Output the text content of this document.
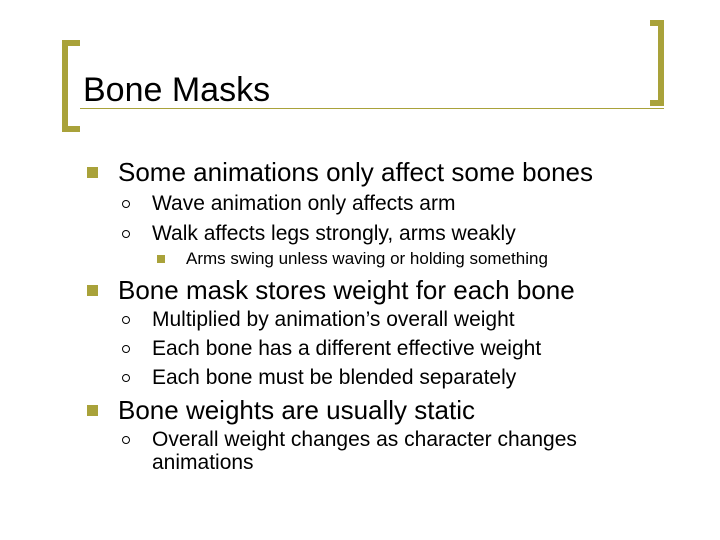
Bone Masks
Some animations only affect some bones
Wave animation only affects arm
Walk affects legs strongly, arms weakly
Arms swing unless waving or holding something
Bone mask stores weight for each bone
Multiplied by animation’s overall weight
Each bone has a different effective weight
Each bone must be blended separately
Bone weights are usually static
Overall weight changes as character changes
animations
